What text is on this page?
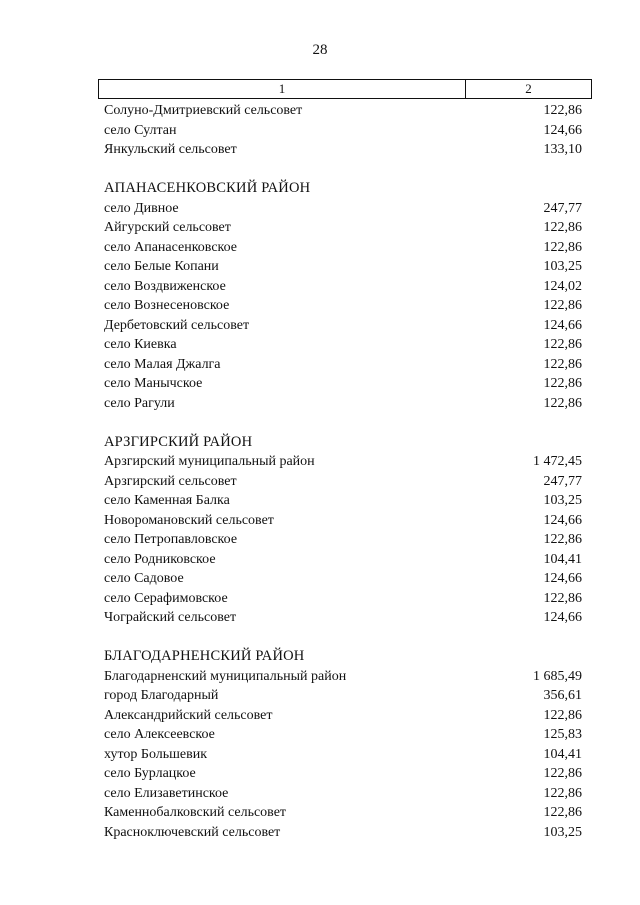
28
1	2
Солуно-Дмитриевский сельсовет	122,86
село Султан	124,66
Янкульский сельсовет	133,10
АПАНАСЕНКОВСКИЙ РАЙОН
село Дивное	247,77
Айгурский сельсовет	122,86
село Апанасенковское	122,86
село Белые Копани	103,25
село Воздвиженское	124,02
село Вознесеновское	122,86
Дербетовский сельсовет	124,66
село Киевка	122,86
село Малая Джалга	122,86
село Манычское	122,86
село Рагули	122,86
АРЗГИРСКИЙ РАЙОН
Арзгирский муниципальный район	1 472,45
Арзгирский сельсовет	247,77
село Каменная Балка	103,25
Новоромановский сельсовет	124,66
село Петропавловское	122,86
село Родниковское	104,41
село Садовое	124,66
село Серафимовское	122,86
Чограйский сельсовет	124,66
БЛАГОДАРНЕНСКИЙ РАЙОН
Благодарненский муниципальный район	1 685,49
город Благодарный	356,61
Александрийский сельсовет	122,86
село Алексеевское	125,83
хутор Большевик	104,41
село Бурлацкое	122,86
село Елизаветинское	122,86
Каменнобалковский сельсовет	122,86
Красноключевский сельсовет	103,25
